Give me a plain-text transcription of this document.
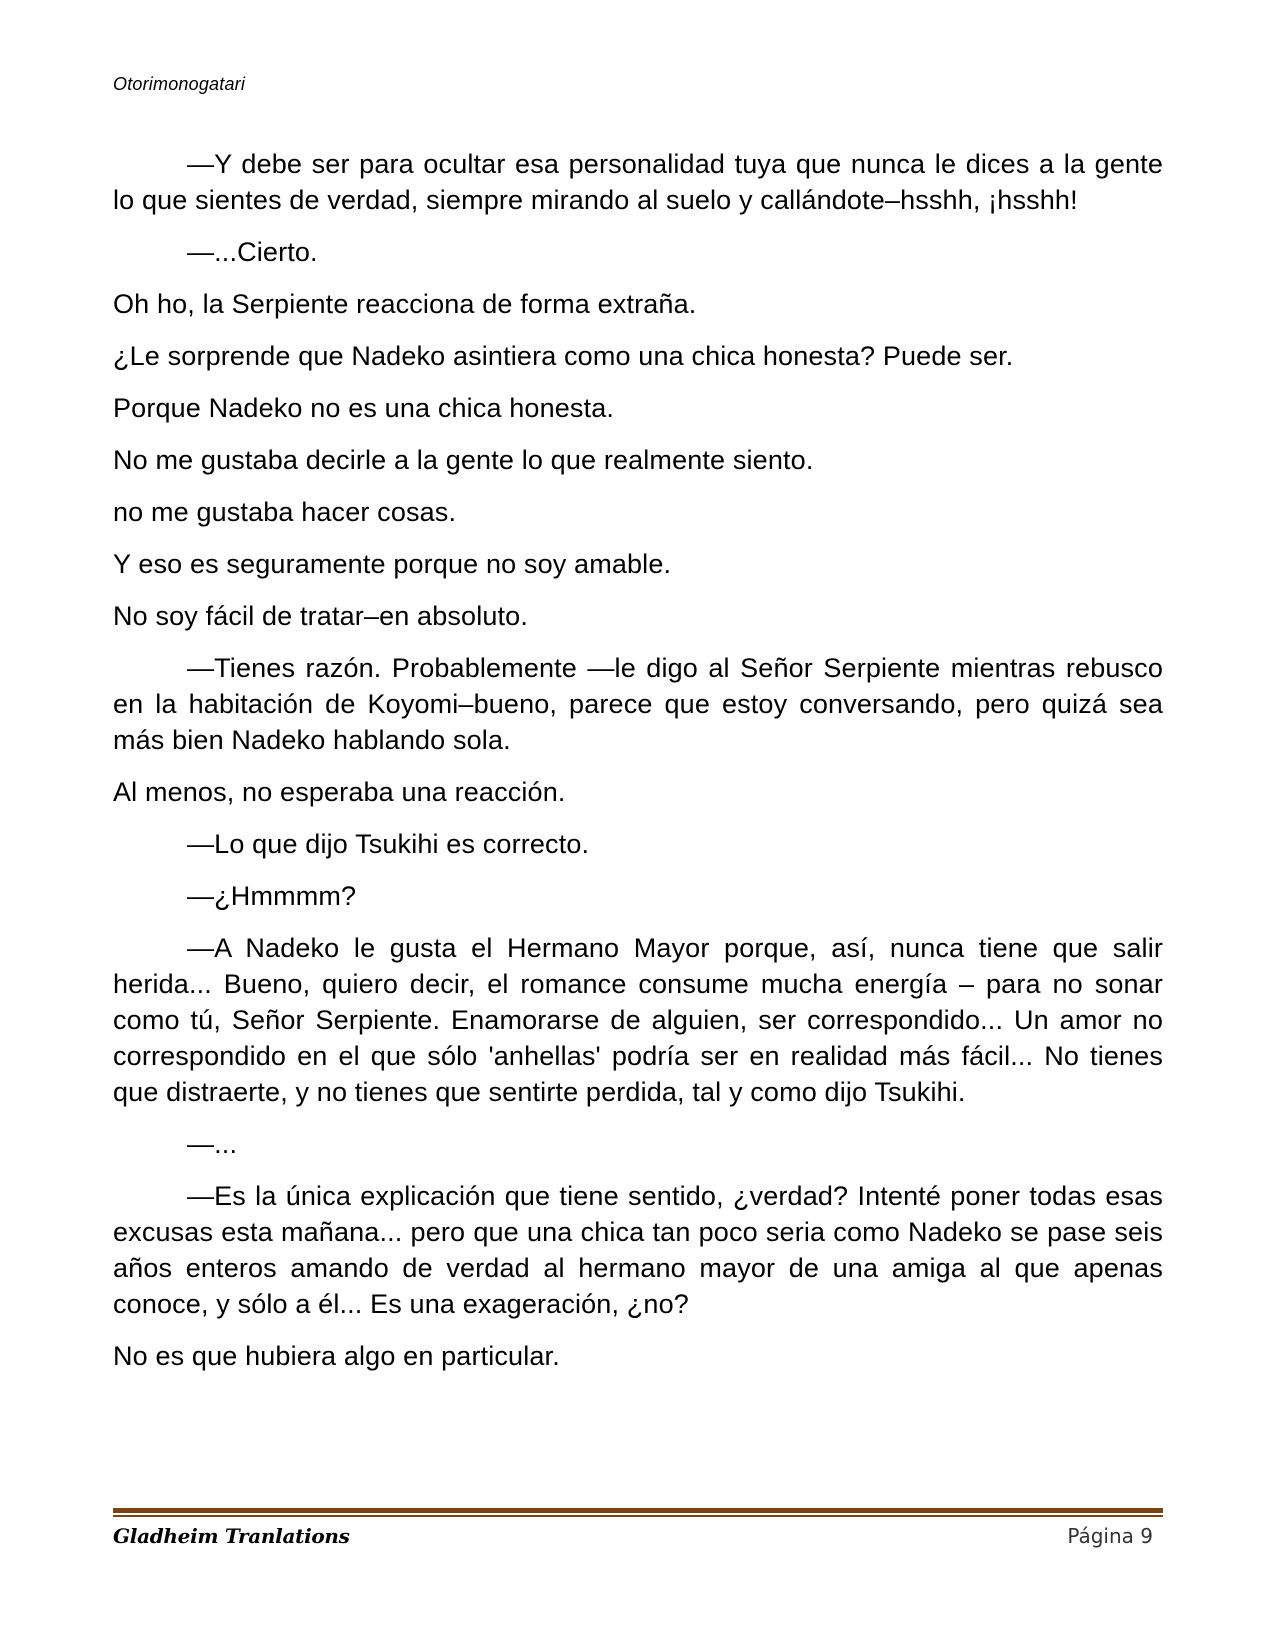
Otorimonogatari

—Y debe ser para ocultar esa personalidad tuya que nunca le dices a la gente lo que sientes de verdad, siempre mirando al suelo y callándote–hsshh, ¡hsshh!

—...Cierto.

Oh ho, la Serpiente reacciona de forma extraña.

¿Le sorprende que Nadeko asintiera como una chica honesta? Puede ser.

Porque Nadeko no es una chica honesta.

No me gustaba decirle a la gente lo que realmente siento.

no me gustaba hacer cosas.

Y eso es seguramente porque no soy amable.

No soy fácil de tratar–en absoluto.

—Tienes razón. Probablemente —le digo al Señor Serpiente mientras rebusco en la habitación de Koyomi–bueno, parece que estoy conversando, pero quizá sea más bien Nadeko hablando sola.

Al menos, no esperaba una reacción.

—Lo que dijo Tsukihi es correcto.

—¿Hmmmm?

—A Nadeko le gusta el Hermano Mayor porque, así, nunca tiene que salir herida... Bueno, quiero decir, el romance consume mucha energía – para no sonar como tú, Señor Serpiente. Enamorarse de alguien, ser correspondido... Un amor no correspondido en el que sólo 'anhellas' podría ser en realidad más fácil... No tienes que distraerte, y no tienes que sentirte perdida, tal y como dijo Tsukihi.

—...

—Es la única explicación que tiene sentido, ¿verdad? Intenté poner todas esas excusas esta mañana... pero que una chica tan poco seria como Nadeko se pase seis años enteros amando de verdad al hermano mayor de una amiga al que apenas conoce, y sólo a él... Es una exageración, ¿no?

No es que hubiera algo en particular.

Gladheim Tranlations	Página 9
